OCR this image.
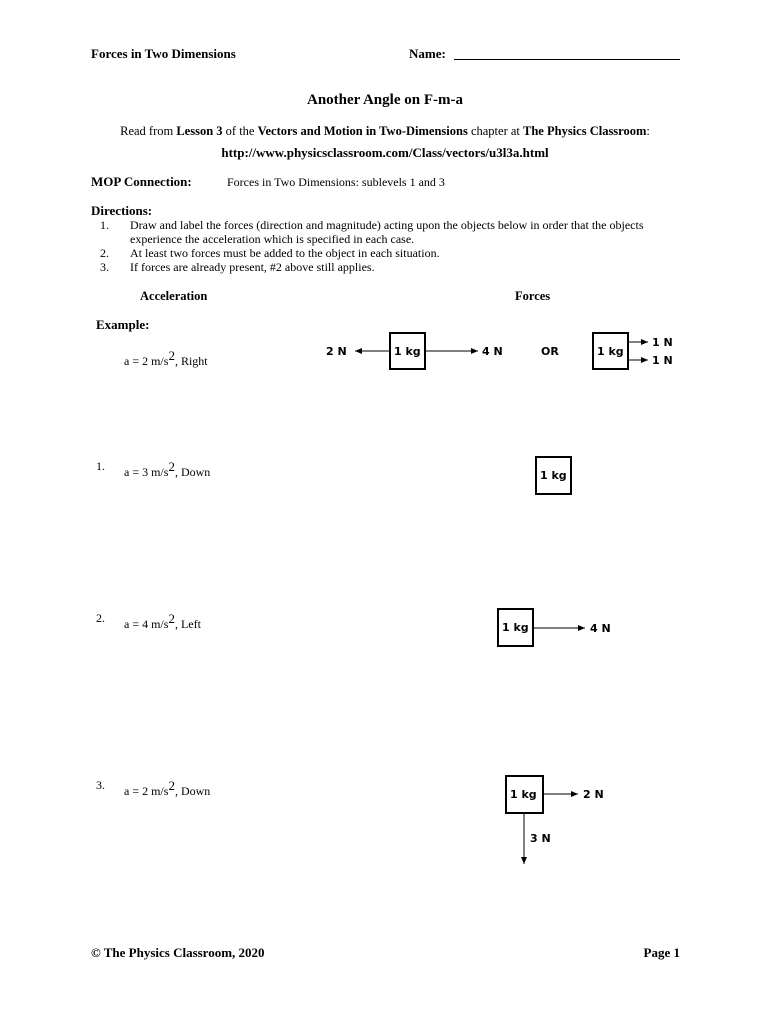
Forces in Two Dimensions	Name:
Another Angle on F-m-a
Read from Lesson 3 of the Vectors and Motion in Two-Dimensions chapter at The Physics Classroom:
http://www.physicsclassroom.com/Class/vectors/u3l3a.html
MOP Connection:	Forces in Two Dimensions: sublevels 1 and 3
Directions:
1.	Draw and label the forces (direction and magnitude) acting upon the objects below in order that the objects experience the acceleration which is specified in each case.
2.	At least two forces must be added to the object in each situation.
3.	If forces are already present, #2 above still applies.
Acceleration	Forces
Example:
a = 2 $m/s^2$, Right
1 kg
2 N	4 N	OR	1 kg
1 N
1 N
1. a = 3 $m/s^2$, Down	1 kg
2. a = 4 $m/s^2$, Left	1 kg	4 N
3. a = 2 $m/s^2$, Down	1 kg	2 N
3 N
© The Physics Classroom, 2020	Page 1
